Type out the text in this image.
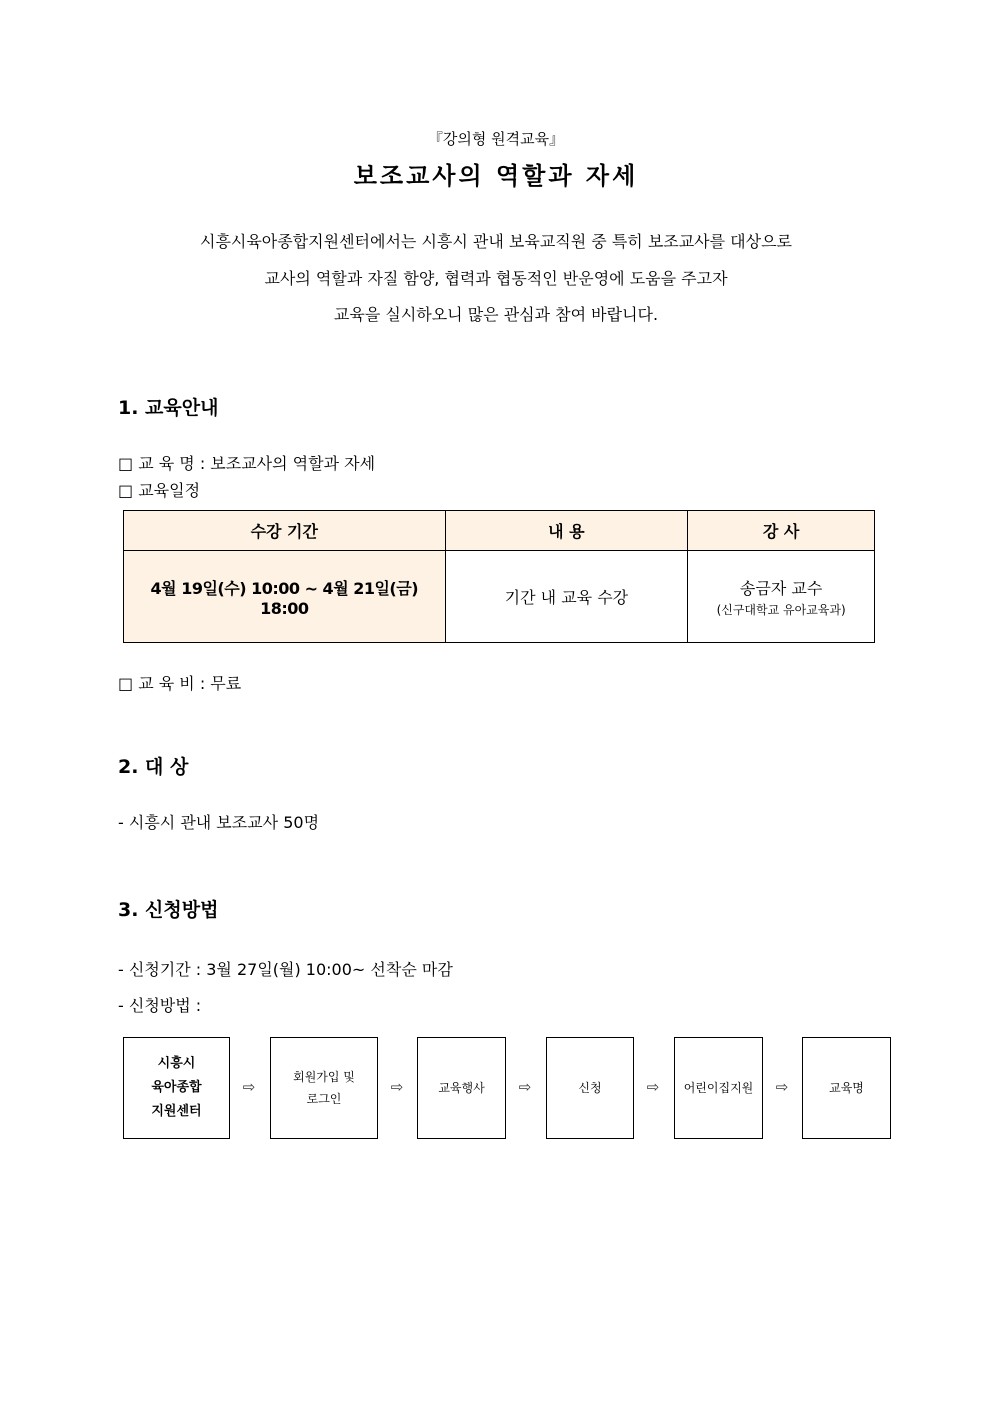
『강의형 원격교육』
보조교사의 역할과 자세
시흥시육아종합지원센터에서는 시흥시 관내 보육교직원 중 특히 보조교사를 대상으로
교사의 역할과 자질 함양, 협력과 협동적인 반운영에 도움을 주고자
교육을 실시하오니 많은 관심과 참여 바랍니다.
1. 교육안내
□ 교 육 명 : 보조교사의 역할과 자세
□ 교육일정
수강 기간	내 용	강 사
4월 19일(수) 10:00 ~ 4월 21일(금) 18:00	기간 내 교육 수강	송금자 교수
(신구대학교 유아교육과)
□ 교 육 비 : 무료
2. 대 상
- 시흥시 관내 보조교사 50명
3. 신청방법
- 신청기간 : 3월 27일(월) 10:00~ 선착순 마감
- 신청방법 :
시흥시
육아종합
지원센터
⇨
회원가입 및
로그인
⇨	교육행사	⇨	신청	⇨	어린이집지원	⇨	교육명
